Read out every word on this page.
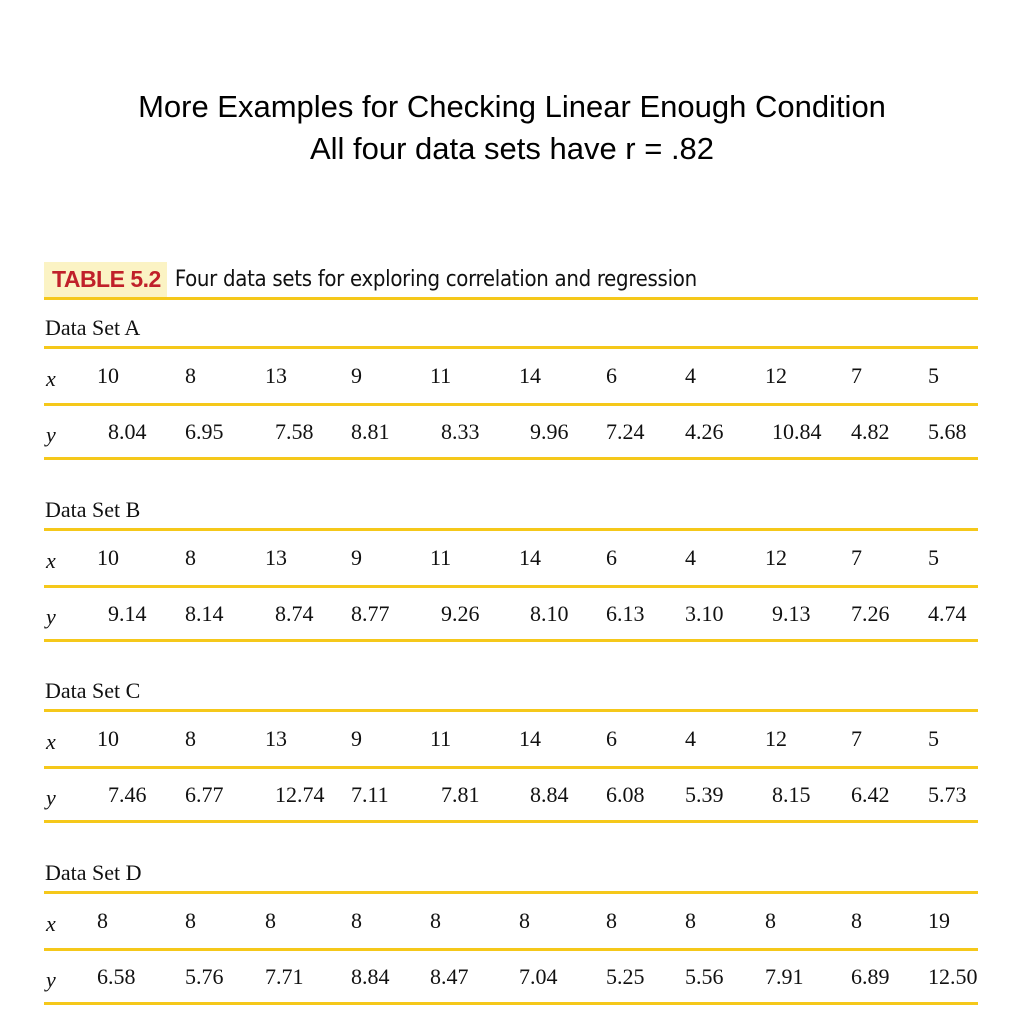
More Examples for Checking Linear Enough Condition
All four data sets have r = .82
TABLE 5.2 Four data sets for exploring correlation and regression
Data Set A
x 10	8	13	9	11	14	6	4	12	7	5
y 8.04 6.95 7.58 8.81 8.33 9.96 7.24 4.26 10.84 4.82 5.68
Data Set B
x 10	8	13	9	11	14	6	4	12	7	5
y 9.14 8.14 8.74 8.77 9.26 8.10 6.13 3.10 9.13 7.26 4.74
Data Set C
x 10	8	13	9	11	14	6	4	12	7	5
y 7.46 6.77 12.74 7.11 7.81 8.84 6.08 5.39 8.15 6.42 5.73
Data Set D
x 8	8	8	8	8	8	8	8	8	8	19
y 6.58 5.76 7.71 8.84 8.47 7.04 5.25 5.56 7.91 6.89 12.50
